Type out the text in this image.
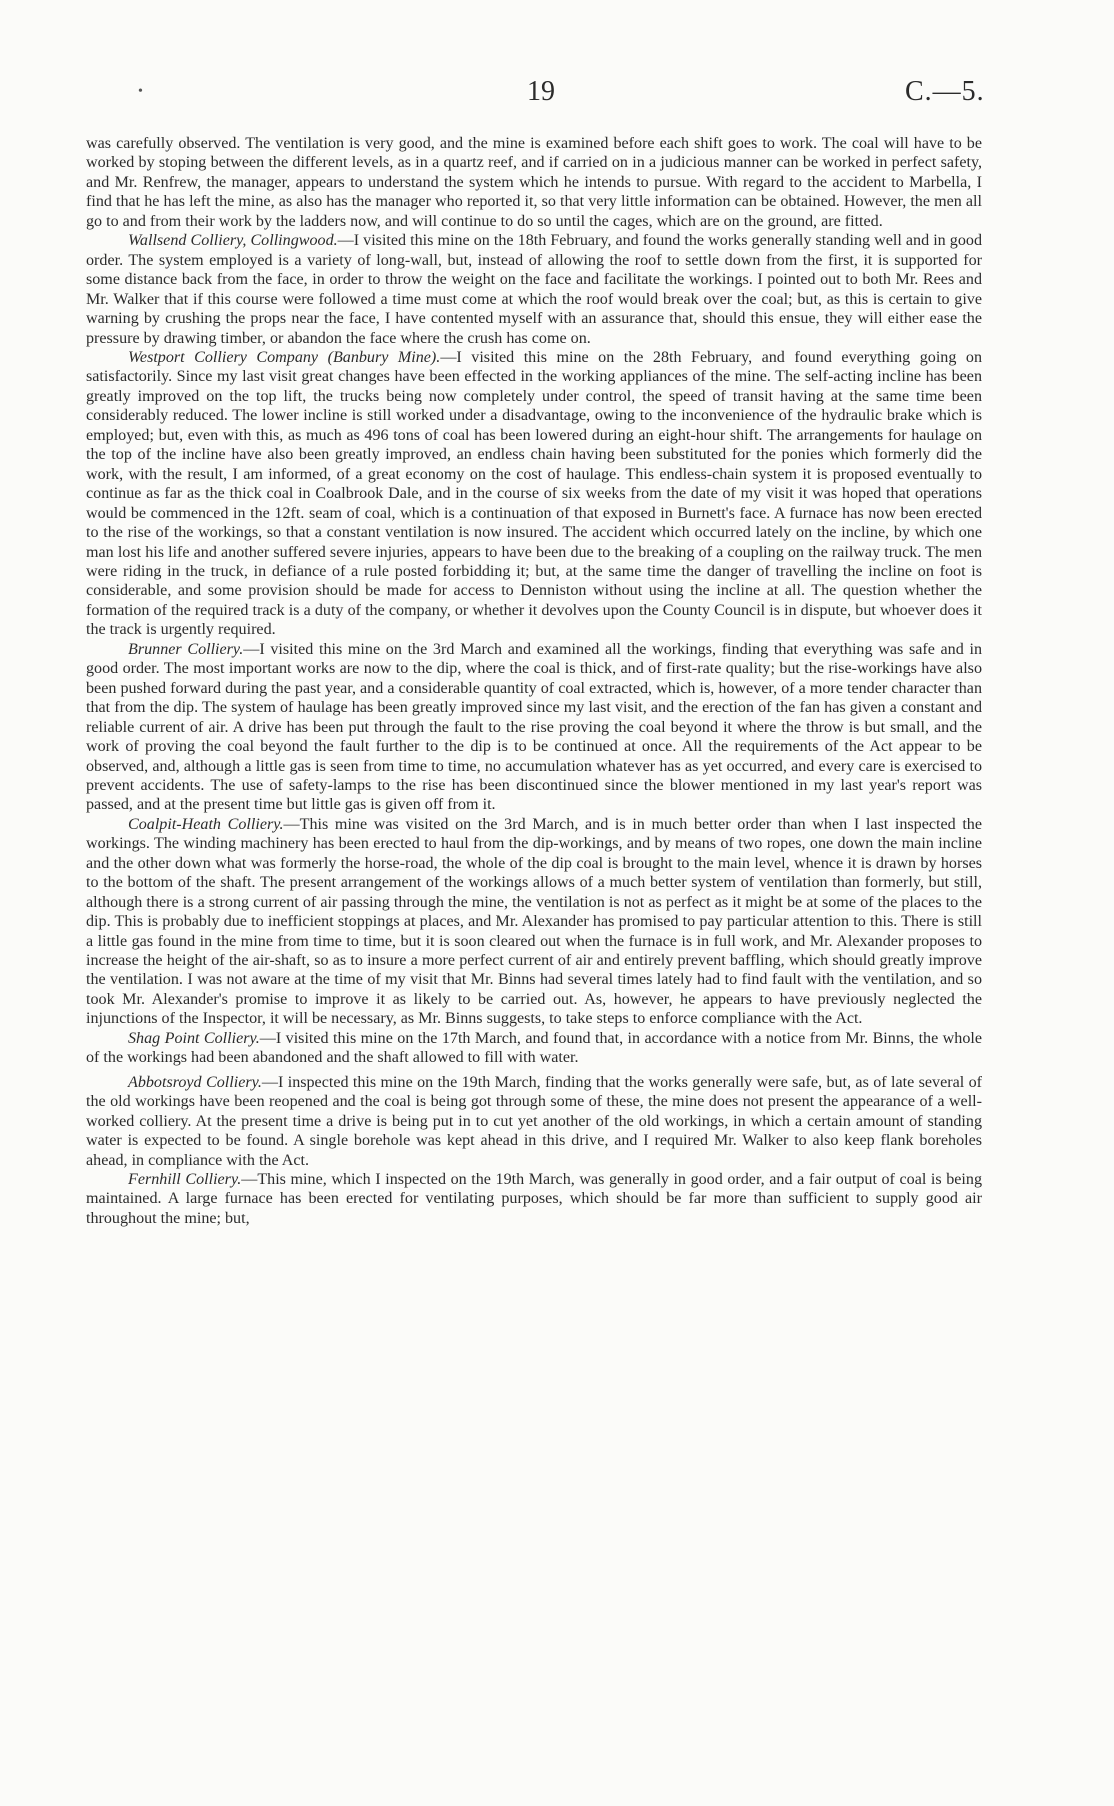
•	19	C.—5.

was carefully observed. The ventilation is very good, and the mine is examined before each shift goes to work. The coal will have to be worked by stoping between the different levels, as in a quartz reef, and if carried on in a judicious manner can be worked in perfect safety, and Mr. Renfrew, the manager, appears to understand the system which he intends to pursue. With regard to the accident to Marbella, I find that he has left the mine, as also has the manager who reported it, so that very little information can be obtained. However, the men all go to and from their work by the ladders now, and will continue to do so until the cages, which are on the ground, are fitted.

Wallsend Colliery, Collingwood.—I visited this mine on the 18th February, and found the works generally standing well and in good order. The system employed is a variety of long-wall, but, instead of allowing the roof to settle down from the first, it is supported for some distance back from the face, in order to throw the weight on the face and facilitate the workings. I pointed out to both Mr. Rees and Mr. Walker that if this course were followed a time must come at which the roof would break over the coal; but, as this is certain to give warning by crushing the props near the face, I have contented myself with an assurance that, should this ensue, they will either ease the pressure by drawing timber, or abandon the face where the crush has come on.

Westport Colliery Company (Banbury Mine).—I visited this mine on the 28th February, and found everything going on satisfactorily. Since my last visit great changes have been effected in the working appliances of the mine. The self-acting incline has been greatly improved on the top lift, the trucks being now completely under control, the speed of transit having at the same time been considerably reduced. The lower incline is still worked under a disadvantage, owing to the inconvenience of the hydraulic brake which is employed; but, even with this, as much as 496 tons of coal has been lowered during an eight-hour shift. The arrangements for haulage on the top of the incline have also been greatly improved, an endless chain having been substituted for the ponies which formerly did the work, with the result, I am informed, of a great economy on the cost of haulage. This endless-chain system it is proposed eventually to continue as far as the thick coal in Coalbrook Dale, and in the course of six weeks from the date of my visit it was hoped that operations would be commenced in the 12ft. seam of coal, which is a continuation of that exposed in Burnett's face. A furnace has now been erected to the rise of the workings, so that a constant ventilation is now insured. The accident which occurred lately on the incline, by which one man lost his life and another suffered severe injuries, appears to have been due to the breaking of a coupling on the railway truck. The men were riding in the truck, in defiance of a rule posted forbidding it; but, at the same time the danger of travelling the incline on foot is considerable, and some provision should be made for access to Denniston without using the incline at all. The question whether the formation of the required track is a duty of the company, or whether it devolves upon the County Council is in dispute, but whoever does it the track is urgently required.

Brunner Colliery.—I visited this mine on the 3rd March and examined all the workings, finding that everything was safe and in good order. The most important works are now to the dip, where the coal is thick, and of first-rate quality; but the rise-workings have also been pushed forward during the past year, and a considerable quantity of coal extracted, which is, however, of a more tender character than that from the dip. The system of haulage has been greatly improved since my last visit, and the erection of the fan has given a constant and reliable current of air. A drive has been put through the fault to the rise proving the coal beyond it where the throw is but small, and the work of proving the coal beyond the fault further to the dip is to be continued at once. All the requirements of the Act appear to be observed, and, although a little gas is seen from time to time, no accumulation whatever has as yet occurred, and every care is exercised to prevent accidents. The use of safety-lamps to the rise has been discontinued since the blower mentioned in my last year's report was passed, and at the present time but little gas is given off from it.

Coalpit-Heath Colliery.—This mine was visited on the 3rd March, and is in much better order than when I last inspected the workings. The winding machinery has been erected to haul from the dip-workings, and by means of two ropes, one down the main incline and the other down what was formerly the horse-road, the whole of the dip coal is brought to the main level, whence it is drawn by horses to the bottom of the shaft. The present arrangement of the workings allows of a much better system of ventilation than formerly, but still, although there is a strong current of air passing through the mine, the ventilation is not as perfect as it might be at some of the places to the dip. This is probably due to inefficient stoppings at places, and Mr. Alexander has promised to pay particular attention to this. There is still a little gas found in the mine from time to time, but it is soon cleared out when the furnace is in full work, and Mr. Alexander proposes to increase the height of the air-shaft, so as to insure a more perfect current of air and entirely prevent baffling, which should greatly improve the ventilation. I was not aware at the time of my visit that Mr. Binns had several times lately had to find fault with the ventilation, and so took Mr. Alexander's promise to improve it as likely to be carried out. As, however, he appears to have previously neglected the injunctions of the Inspector, it will be necessary, as Mr. Binns suggests, to take steps to enforce compliance with the Act.

Shag Point Colliery.—I visited this mine on the 17th March, and found that, in accordance with a notice from Mr. Binns, the whole of the workings had been abandoned and the shaft allowed to fill with water.

Abbotsroyd Colliery.—I inspected this mine on the 19th March, finding that the works generally were safe, but, as of late several of the old workings have been reopened and the coal is being got through some of these, the mine does not present the appearance of a well-worked colliery. At the present time a drive is being put in to cut yet another of the old workings, in which a certain amount of standing water is expected to be found. A single borehole was kept ahead in this drive, and I required Mr. Walker to also keep flank boreholes ahead, in compliance with the Act.

Fernhill Colliery.—This mine, which I inspected on the 19th March, was generally in good order, and a fair output of coal is being maintained. A large furnace has been erected for ventilating purposes, which should be far more than sufficient to supply good air throughout the mine; but,
